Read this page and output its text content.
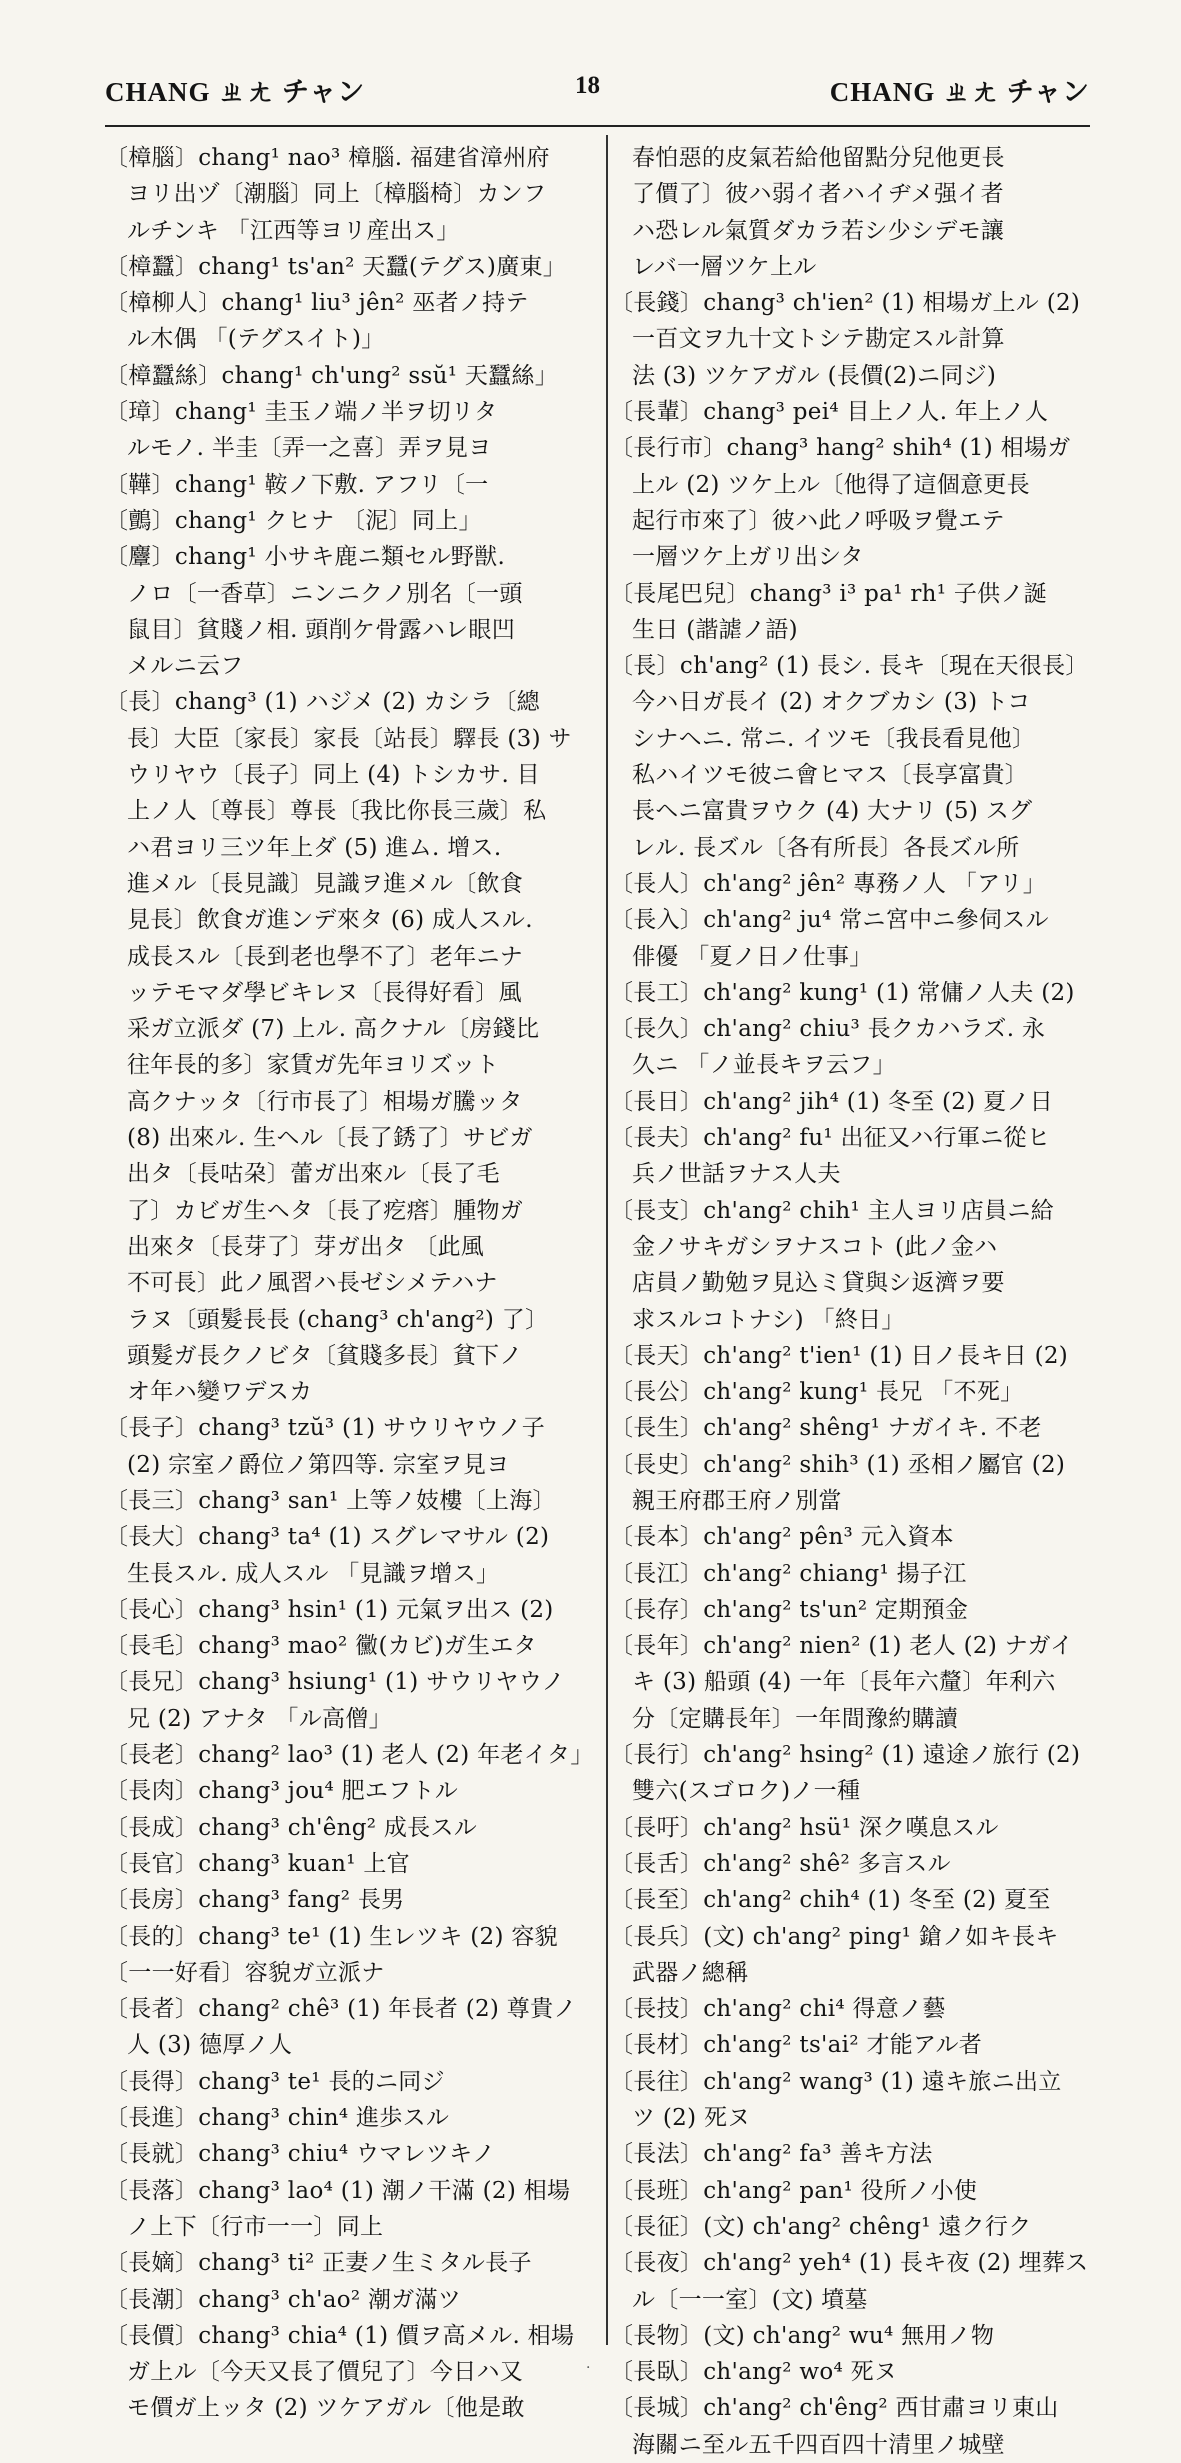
CHANG ㄓㄤ チャン	18	CHANG ㄓㄤ チャン
〔樟腦〕chang¹ nao³ 樟腦. 福建省漳州府
ヨリ出ヅ〔潮腦〕同上〔樟腦椅〕カンフ
ルチンキ 「江西等ヨリ産出ス」
〔樟蠶〕chang¹ ts'an² 天蠶(テグス)廣東」
〔樟柳人〕chang¹ liu³ jên² 巫者ノ持テ
ル木偶 「(テグスイト)」
〔樟蠶絲〕chang¹ ch'ung² ssŭ¹ 天蠶絲」
〔璋〕chang¹ 圭玉ノ端ノ半ヲ切リタ
ルモノ. 半圭〔弄一之喜〕弄ヲ見ヨ
〔鞾〕chang¹ 鞍ノ下敷. アフリ〔一
〔鸇〕chang¹ クヒナ 〔泥〕同上」
〔麞〕chang¹ 小サキ鹿ニ類セル野獣.
ノロ〔一香草〕ニンニクノ別名〔一頭
鼠目〕貧賤ノ相. 頭削ケ骨露ハレ眼凹
メルニ云フ
〔長〕chang³ (1) ハジメ (2) カシラ〔總
長〕大臣〔家長〕家長〔站長〕驛長 (3) サ
ウリヤウ〔長子〕同上 (4) トシカサ. 目
上ノ人〔尊長〕尊長〔我比你長三歲〕私
ハ君ヨリ三ツ年上ダ (5) 進ム. 增ス.
進メル〔長見識〕見識ヲ進メル〔飲食
見長〕飲食ガ進ンデ來タ (6) 成人スル.
成長スル〔長到老也學不了〕老年ニナ
ッテモマダ學ビキレヌ〔長得好看〕風
采ガ立派ダ (7) 上ル. 高クナル〔房錢比
往年長的多〕家賃ガ先年ヨリズット
高クナッタ〔行市長了〕相場ガ騰ッタ
(8) 出來ル. 生ヘル〔長了銹了〕サビガ
出タ〔長咕朶〕蕾ガ出來ル〔長了毛
了〕カビガ生ヘタ〔長了疙瘩〕腫物ガ
出來タ〔長芽了〕芽ガ出タ 〔此風
不可長〕此ノ風習ハ長ゼシメテハナ
ラヌ〔頭髮長長 (chang³ ch'ang²) 了〕
頭髮ガ長クノビタ〔貧賤多長〕貧下ノ
オ年ハ變ワデスカ
〔長子〕chang³ tzŭ³ (1) サウリヤウノ子
(2) 宗室ノ爵位ノ第四等. 宗室ヲ見ヨ
〔長三〕chang³ san¹ 上等ノ妓樓〔上海〕
〔長大〕chang³ ta⁴ (1) スグレマサル (2)
生長スル. 成人スル 「見識ヲ增ス」
〔長心〕chang³ hsin¹ (1) 元氣ヲ出ス (2)
〔長毛〕chang³ mao² 黴(カビ)ガ生エタ
〔長兄〕chang³ hsiung¹ (1) サウリヤウノ
兄 (2) アナタ 「ル高僧」
〔長老〕chang² lao³ (1) 老人 (2) 年老イタ」
〔長肉〕chang³ jou⁴ 肥エフトル
〔長成〕chang³ ch'êng² 成長スル
〔長官〕chang³ kuan¹ 上官
〔長房〕chang³ fang² 長男
〔長的〕chang³ te¹ (1) 生レツキ (2) 容貌
〔一一好看〕容貌ガ立派ナ
〔長者〕chang² chê³ (1) 年長者 (2) 尊貴ノ
人 (3) 德厚ノ人
〔長得〕chang³ te¹ 長的ニ同ジ
〔長進〕chang³ chin⁴ 進歩スル
〔長就〕chang³ chiu⁴ ウマレツキノ
〔長落〕chang³ lao⁴ (1) 潮ノ干滿 (2) 相場
ノ上下〔行市一一〕同上
〔長嫡〕chang³ ti² 正妻ノ生ミタル長子
〔長潮〕chang³ ch'ao² 潮ガ滿ツ
〔長價〕chang³ chia⁴ (1) 價ヲ高メル. 相場
ガ上ル〔今天又長了價兒了〕今日ハ又
モ價ガ上ッタ (2) ツケアガル〔他是敢
春怕惡的皮氣若給他留點分兒他更長
了價了〕彼ハ弱イ者ハイヂメ强イ者
ハ恐レル氣質ダカラ若シ少シデモ讓
レバ一層ツケ上ル
〔長錢〕chang³ ch'ien² (1) 相場ガ上ル (2)
一百文ヲ九十文トシテ勘定スル計算
法 (3) ツケアガル (長價(2)ニ同ジ)
〔長輩〕chang³ pei⁴ 目上ノ人. 年上ノ人
〔長行市〕chang³ hang² shih⁴ (1) 相場ガ
上ル (2) ツケ上ル〔他得了這個意更長
起行市來了〕彼ハ此ノ呼吸ヲ覺エテ
一層ツケ上ガリ出シタ
〔長尾巴兒〕chang³ i³ pa¹ rh¹ 子供ノ誕
生日 (諧謔ノ語)
〔長〕ch'ang² (1) 長シ. 長キ〔現在天很長〕
今ハ日ガ長イ (2) オクブカシ (3) トコ
シナヘニ. 常ニ. イツモ〔我長看見他〕
私ハイツモ彼ニ會ヒマス〔長享富貴〕
長ヘニ富貴ヲウク (4) 大ナリ (5) スグ
レル. 長ズル〔各有所長〕各長ズル所
〔長人〕ch'ang² jên² 專務ノ人 「アリ」
〔長入〕ch'ang² ju⁴ 常ニ宮中ニ參伺スル
俳優 「夏ノ日ノ仕事」
〔長工〕ch'ang² kung¹ (1) 常傭ノ人夫 (2)
〔長久〕ch'ang² chiu³ 長クカハラズ. 永
久ニ 「ノ並長キヲ云フ」
〔長日〕ch'ang² jih⁴ (1) 冬至 (2) 夏ノ日
〔長夫〕ch'ang² fu¹ 出征又ハ行軍ニ從ヒ
兵ノ世話ヲナス人夫
〔長支〕ch'ang² chih¹ 主人ヨリ店員ニ給
金ノサキガシヲナスコト (此ノ金ハ
店員ノ勤勉ヲ見込ミ貸與シ返濟ヲ要
求スルコトナシ) 「終日」
〔長天〕ch'ang² t'ien¹ (1) 日ノ長キ日 (2)
〔長公〕ch'ang² kung¹ 長兄 「不死」
〔長生〕ch'ang² shêng¹ ナガイキ. 不老
〔長史〕ch'ang² shih³ (1) 丞相ノ屬官 (2)
親王府郡王府ノ別當
〔長本〕ch'ang² pên³ 元入資本
〔長江〕ch'ang² chiang¹ 揚子江
〔長存〕ch'ang² ts'un² 定期預金
〔長年〕ch'ang² nien² (1) 老人 (2) ナガイ
キ (3) 船頭 (4) 一年〔長年六釐〕年利六
分〔定購長年〕一年間豫約購讀
〔長行〕ch'ang² hsing² (1) 遠途ノ旅行 (2)
雙六(スゴロク)ノ一種
〔長吁〕ch'ang² hsü¹ 深ク嘆息スル
〔長舌〕ch'ang² shê² 多言スル
〔長至〕ch'ang² chih⁴ (1) 冬至 (2) 夏至
〔長兵〕(文) ch'ang² ping¹ 鎗ノ如キ長キ
武器ノ總稱
〔長技〕ch'ang² chi⁴ 得意ノ藝
〔長材〕ch'ang² ts'ai² 才能アル者
〔長往〕ch'ang² wang³ (1) 遠キ旅ニ出立
ツ (2) 死ヌ
〔長法〕ch'ang² fa³ 善キ方法
〔長班〕ch'ang² pan¹ 役所ノ小使
〔長征〕(文) ch'ang² chêng¹ 遠ク行ク
〔長夜〕ch'ang² yeh⁴ (1) 長キ夜 (2) 埋葬ス
ル〔一一室〕(文) 墳墓
〔長物〕(文) ch'ang² wu⁴ 無用ノ物
〔長臥〕ch'ang² wo⁴ 死ヌ
〔長城〕ch'ang² ch'êng² 西甘肅ヨリ東山
海關ニ至ル五千四百四十清里ノ城壁
·
